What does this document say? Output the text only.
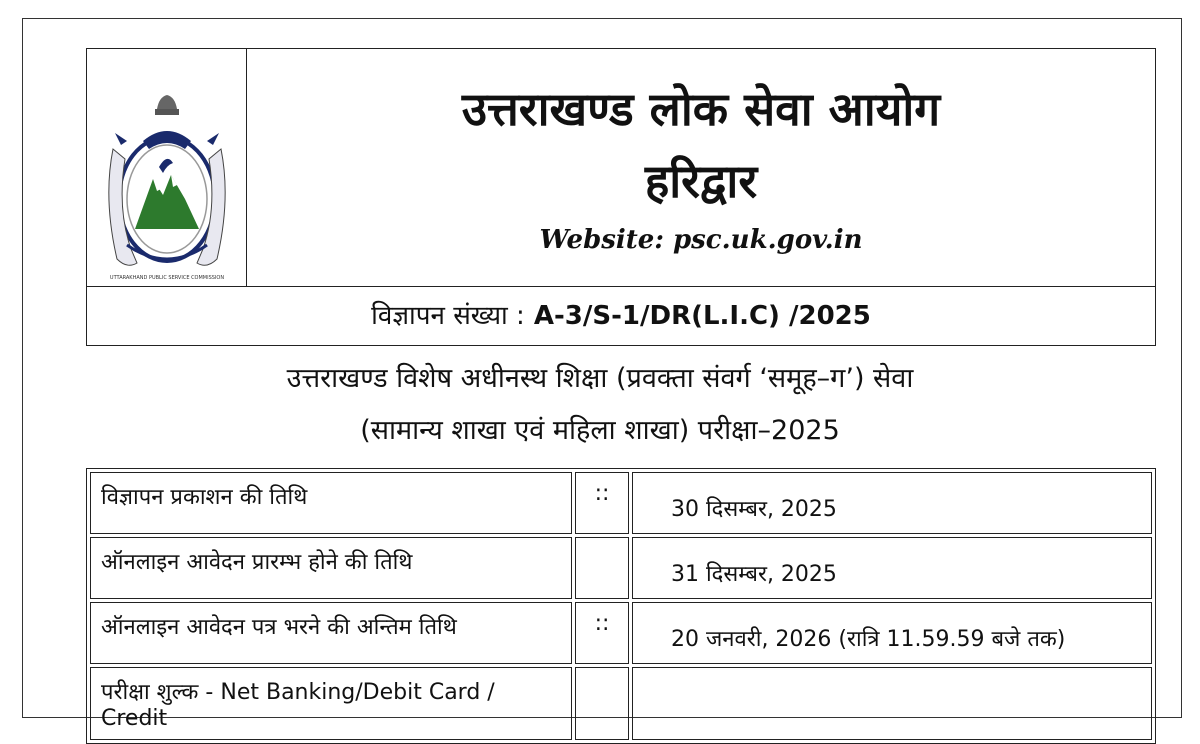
UTTARAKHAND PUBLIC SERVICE COMMISSION
उत्तराखण्ड लोक सेवा आयोग
हरिद्वार
Website: psc.uk.gov.in
विज्ञापन संख्या : A-3/S-1/DR(L.I.C) /2025
उत्तराखण्ड विशेष अधीनस्थ शिक्षा (प्रवक्ता संवर्ग ‘समूह–ग’) सेवा
(सामान्य शाखा एवं महिला शाखा) परीक्षा–2025
विज्ञापन प्रकाशन की तिथि	::	30 दिसम्बर, 2025
ऑनलाइन आवेदन प्रारम्भ होने की तिथि		31 दिसम्बर, 2025
ऑनलाइन आवेदन पत्र भरने की अन्तिम तिथि	::	20 जनवरी, 2026 (रात्रि 11.59.59 बजे तक)
परीक्षा शुल्क - Net Banking/Debit Card / Credit		
